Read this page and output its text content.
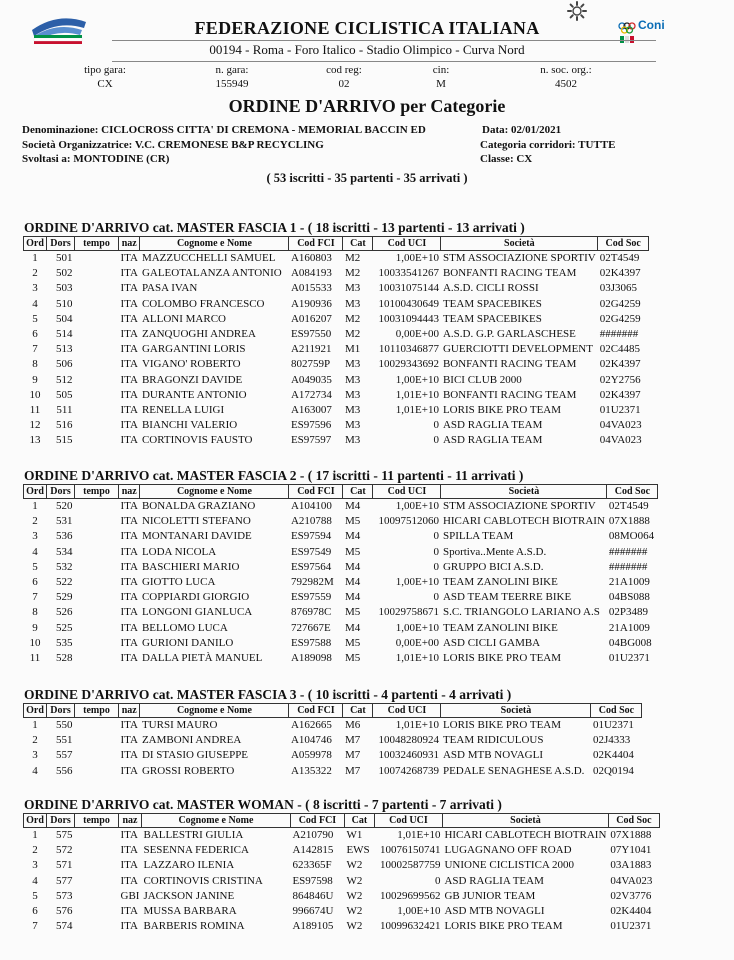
Coni
FEDERAZIONE CICLISTICA ITALIANA
00194 - Roma - Foro Italico - Stadio Olimpico - Curva Nord
tipo gara:
CX
n. gara:
155949
cod reg:
02
cin:
M
n. soc. org.:
4502
ORDINE D'ARRIVO per Categorie
Denominazione: CICLOCROSS CITTA' DI CREMONA - MEMORIAL BACCIN ED	Data: 02/01/2021
Società Organizzatrice: V.C. CREMONESE B&P RECYCLING	Categoria corridori: TUTTE
Svoltasi a: MONTODINE (CR)	Classe: CX
( 53 iscritti - 35 partenti - 35 arrivati )
ORDINE D'ARRIVO cat. MASTER FASCIA 1 - ( 18 iscritti - 13 partenti - 13 arrivati )
Ord	Dors	tempo	naz	Cognome e Nome	Cod FCI	Cat	Cod UCI	Società	Cod Soc
1	501		ITA	MAZZUCCHELLI SAMUEL	A160803	M2	1,00E+10	STM ASSOCIAZIONE SPORTIV	02T4549
2	502		ITA	GALEOTALANZA ANTONIO	A084193	M2	10033541267	BONFANTI RACING TEAM	02K4397
3	503		ITA	PASA IVAN	A015533	M3	10031075144	A.S.D. CICLI ROSSI	03J3065
4	510		ITA	COLOMBO FRANCESCO	A190936	M3	10100430649	TEAM SPACEBIKES	02G4259
5	504		ITA	ALLONI MARCO	A016207	M2	10031094443	TEAM SPACEBIKES	02G4259
6	514		ITA	ZANQUOGHI ANDREA	ES97550	M2	0,00E+00	A.S.D. G.P. GARLASCHESE	#######
7	513		ITA	GARGANTINI LORIS	A211921	M1	10110346877	GUERCIOTTI DEVELOPMENT	02C4485
8	506		ITA	VIGANO' ROBERTO	802759P	M3	10029343692	BONFANTI RACING TEAM	02K4397
9	512		ITA	BRAGONZI DAVIDE	A049035	M3	1,00E+10	BICI CLUB 2000	02Y2756
10	505		ITA	DURANTE ANTONIO	A172734	M3	1,01E+10	BONFANTI RACING TEAM	02K4397
11	511		ITA	RENELLA LUIGI	A163007	M3	1,01E+10	LORIS BIKE PRO TEAM	01U2371
12	516		ITA	BIANCHI VALERIO	ES97596	M3	0	ASD RAGLIA TEAM	04VA023
13	515		ITA	CORTINOVIS FAUSTO	ES97597	M3	0	ASD RAGLIA TEAM	04VA023
ORDINE D'ARRIVO cat. MASTER FASCIA 2 - ( 17 iscritti - 11 partenti - 11 arrivati )
Ord	Dors	tempo	naz	Cognome e Nome	Cod FCI	Cat	Cod UCI	Società	Cod Soc
1	520		ITA	BONALDA GRAZIANO	A104100	M4	1,00E+10	STM ASSOCIAZIONE SPORTIV	02T4549
2	531		ITA	NICOLETTI STEFANO	A210788	M5	10097512060	HICARI CABLOTECH BIOTRAIN	07X1888
3	536		ITA	MONTANARI DAVIDE	ES97594	M4	0	SPILLA TEAM	08MO064
4	534		ITA	LODA NICOLA	ES97549	M5	0	Sportiva..Mente A.S.D.	#######
5	532		ITA	BASCHIERI MARIO	ES97564	M4	0	GRUPPO BICI A.S.D.	#######
6	522		ITA	GIOTTO LUCA	792982M	M4	1,00E+10	TEAM ZANOLINI BIKE	21A1009
7	529		ITA	COPPIARDI GIORGIO	ES97559	M4	0	ASD TEAM TEERRE BIKE	04BS088
8	526		ITA	LONGONI GIANLUCA	876978C	M5	10029758671	S.C. TRIANGOLO LARIANO A.S	02P3489
9	525		ITA	BELLOMO LUCA	727667E	M4	1,00E+10	TEAM ZANOLINI BIKE	21A1009
10	535		ITA	GURIONI DANILO	ES97588	M5	0,00E+00	ASD CICLI GAMBA	04BG008
11	528		ITA	DALLA PIETÀ MANUEL	A189098	M5	1,01E+10	LORIS BIKE PRO TEAM	01U2371
ORDINE D'ARRIVO cat. MASTER FASCIA 3 - ( 10 iscritti - 4 partenti - 4 arrivati )
Ord	Dors	tempo	naz	Cognome e Nome	Cod FCI	Cat	Cod UCI	Società	Cod Soc
1	550		ITA	TURSI MAURO	A162665	M6	1,01E+10	LORIS BIKE PRO TEAM	01U2371
2	551		ITA	ZAMBONI ANDREA	A104746	M7	10048280924	TEAM RIDICULOUS	02J4333
3	557		ITA	DI STASIO GIUSEPPE	A059978	M7	10032460931	ASD MTB NOVAGLI	02K4404
4	556		ITA	GROSSI ROBERTO	A135322	M7	10074268739	PEDALE SENAGHESE A.S.D.	02Q0194
ORDINE D'ARRIVO cat. MASTER WOMAN - ( 8 iscritti - 7 partenti - 7 arrivati )
Ord	Dors	tempo	naz	Cognome e Nome	Cod FCI	Cat	Cod UCI	Società	Cod Soc
1	575		ITA	BALLESTRI GIULIA	A210790	W1	1,01E+10	HICARI CABLOTECH BIOTRAIN	07X1888
2	572		ITA	SESENNA FEDERICA	A142815	EWS	10076150741	LUGAGNANO OFF ROAD	07Y1041
3	571		ITA	LAZZARO ILENIA	623365F	W2	10002587759	UNIONE CICLISTICA 2000	03A1883
4	577		ITA	CORTINOVIS CRISTINA	ES97598	W2	0	ASD RAGLIA TEAM	04VA023
5	573		GBI	JACKSON JANINE	864846U	W2	10029699562	GB JUNIOR TEAM	02V3776
6	576		ITA	MUSSA BARBARA	996674U	W2	1,00E+10	ASD MTB NOVAGLI	02K4404
7	574		ITA	BARBERIS ROMINA	A189105	W2	10099632421	LORIS BIKE PRO TEAM	01U2371
